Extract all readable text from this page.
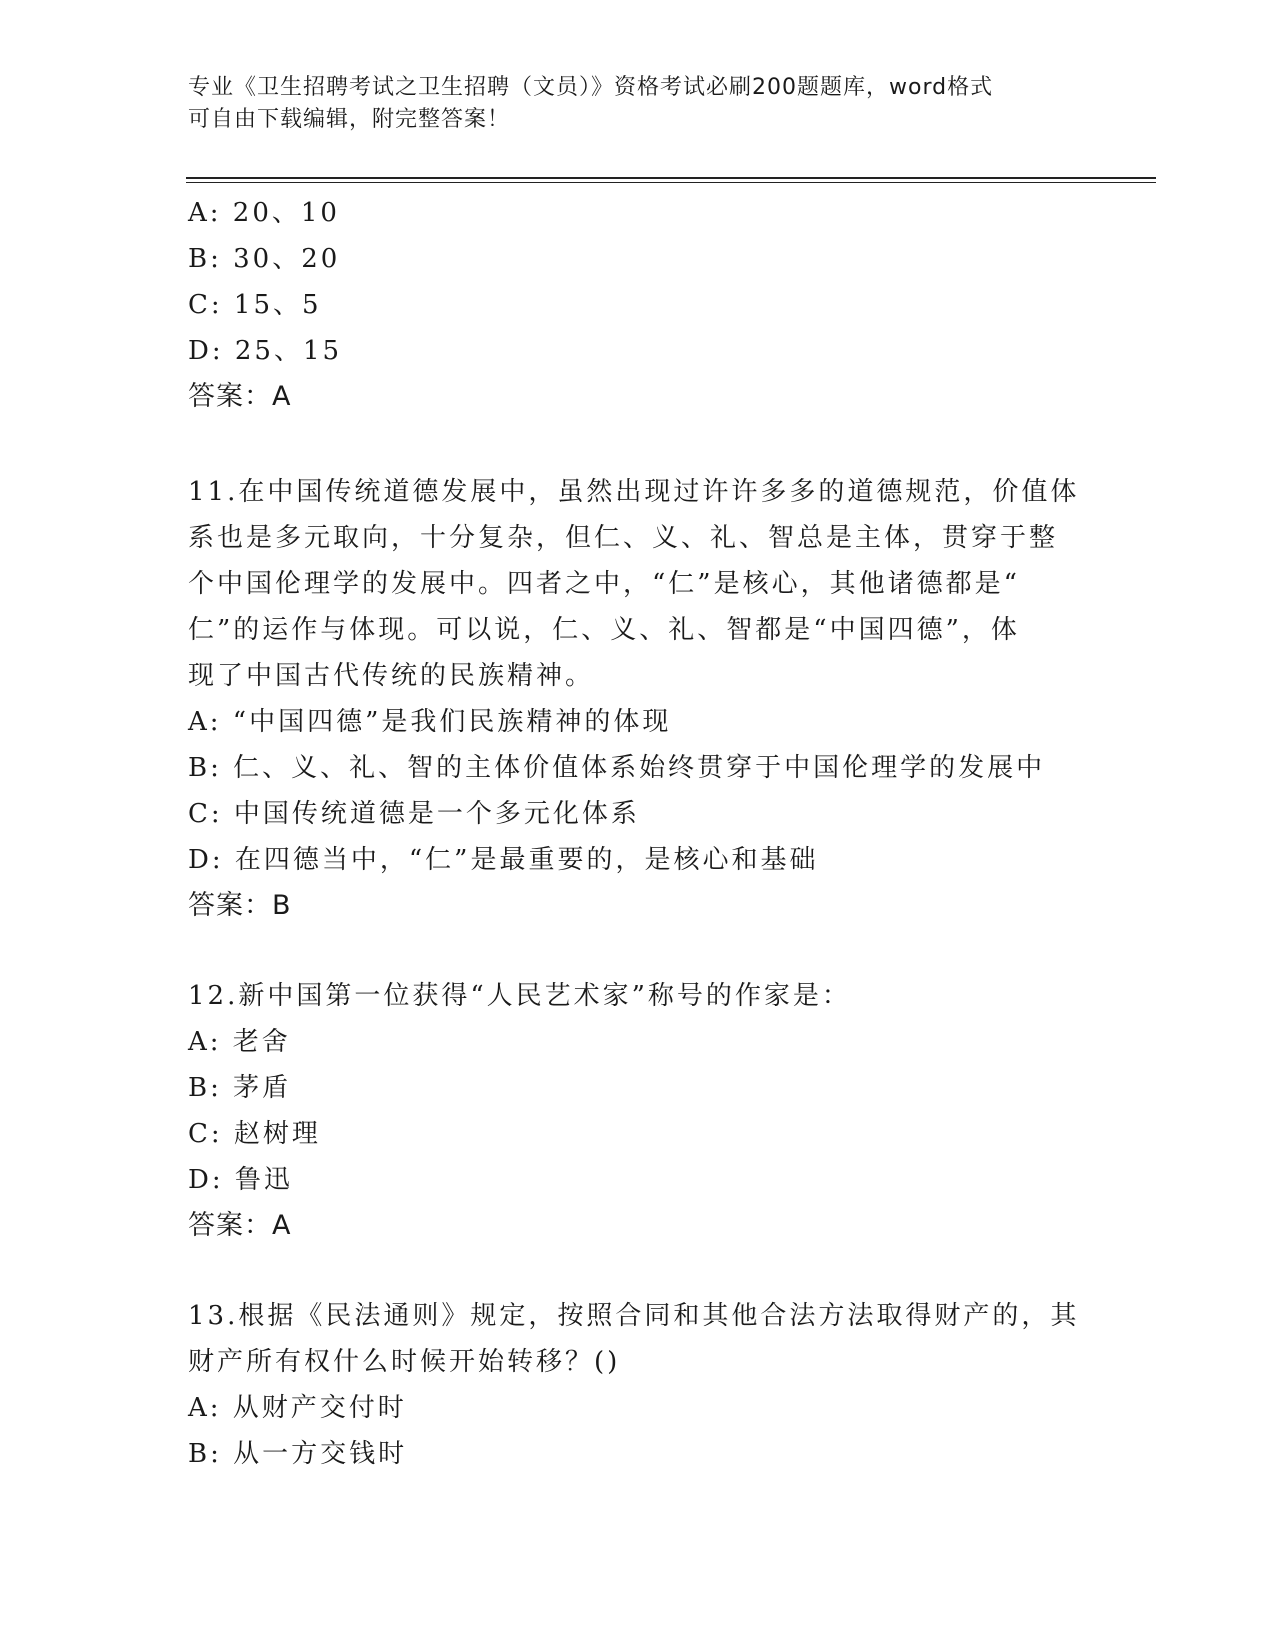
专业《卫生招聘考试之卫生招聘（文员）》资格考试必刷200题题库，word格式
可自由下载编辑，附完整答案！
A: 20、10
B: 30、20
C: 15、5
D: 25、15
答案：A
11.在中国传统道德发展中，虽然出现过许许多多的道德规范，价值体
系也是多元取向，十分复杂，但仁、义、礼、智总是主体，贯穿于整
个中国伦理学的发展中。四者之中，“仁”是核心，其他诸德都是“
仁”的运作与体现。可以说，仁、义、礼、智都是“中国四德”，体
现了中国古代传统的民族精神。
A: “中国四德”是我们民族精神的体现
B: 仁、义、礼、智的主体价值体系始终贯穿于中国伦理学的发展中
C: 中国传统道德是一个多元化体系
D: 在四德当中，“仁”是最重要的，是核心和基础
答案：B
12.新中国第一位获得“人民艺术家”称号的作家是：
A: 老舍
B: 茅盾
C: 赵树理
D: 鲁迅
答案：A
13.根据《民法通则》规定，按照合同和其他合法方法取得财产的，其
财产所有权什么时候开始转移？()
A: 从财产交付时
B: 从一方交钱时
